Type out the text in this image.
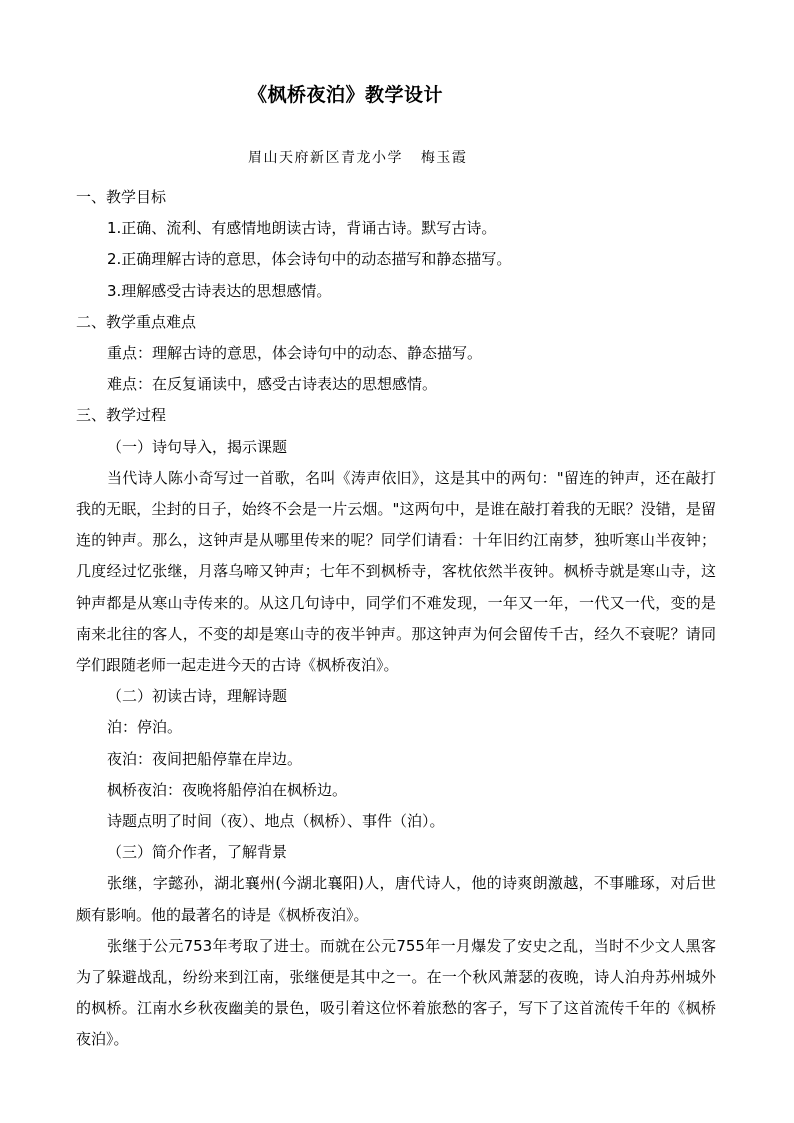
《枫桥夜泊》教学设计
眉山天府新区青龙小学   梅玉霞

一、教学目标

1.正确、流利、有感情地朗读古诗，背诵古诗。默写古诗。

2.正确理解古诗的意思，体会诗句中的动态描写和静态描写。

3.理解感受古诗表达的思想感情。

二、教学重点难点

重点：理解古诗的意思，体会诗句中的动态、静态描写。

难点：在反复诵读中，感受古诗表达的思想感情。

三、教学过程

（一）诗句导入，揭示课题

当代诗人陈小奇写过一首歌，名叫《涛声依旧》，这是其中的两句："留连的钟声，还在敲打我的无眠，尘封的日子，始终不会是一片云烟。"这两句中，是谁在敲打着我的无眠？没错，是留连的钟声。那么，这钟声是从哪里传来的呢？同学们请看：十年旧约江南梦，独听寒山半夜钟；几度经过忆张继，月落乌啼又钟声；七年不到枫桥寺，客枕依然半夜钟。枫桥寺就是寒山寺，这钟声都是从寒山寺传来的。从这几句诗中，同学们不难发现，一年又一年，一代又一代，变的是南来北往的客人，不变的却是寒山寺的夜半钟声。那这钟声为何会留传千古，经久不衰呢？请同学们跟随老师一起走进今天的古诗《枫桥夜泊》。

（二）初读古诗，理解诗题

泊：停泊。

夜泊：夜间把船停靠在岸边。

枫桥夜泊：夜晚将船停泊在枫桥边。

诗题点明了时间（夜）、地点（枫桥）、事件（泊）。

（三）简介作者，了解背景

张继，字懿孙，湖北襄州(今湖北襄阳)人，唐代诗人，他的诗爽朗激越，不事雕琢，对后世颇有影响。他的最著名的诗是《枫桥夜泊》。

张继于公元753年考取了进士。而就在公元755年一月爆发了安史之乱，当时不少文人黑客为了躲避战乱，纷纷来到江南，张继便是其中之一。在一个秋风萧瑟的夜晚，诗人泊舟苏州城外的枫桥。江南水乡秋夜幽美的景色，吸引着这位怀着旅愁的客子，写下了这首流传千年的《枫桥夜泊》。
